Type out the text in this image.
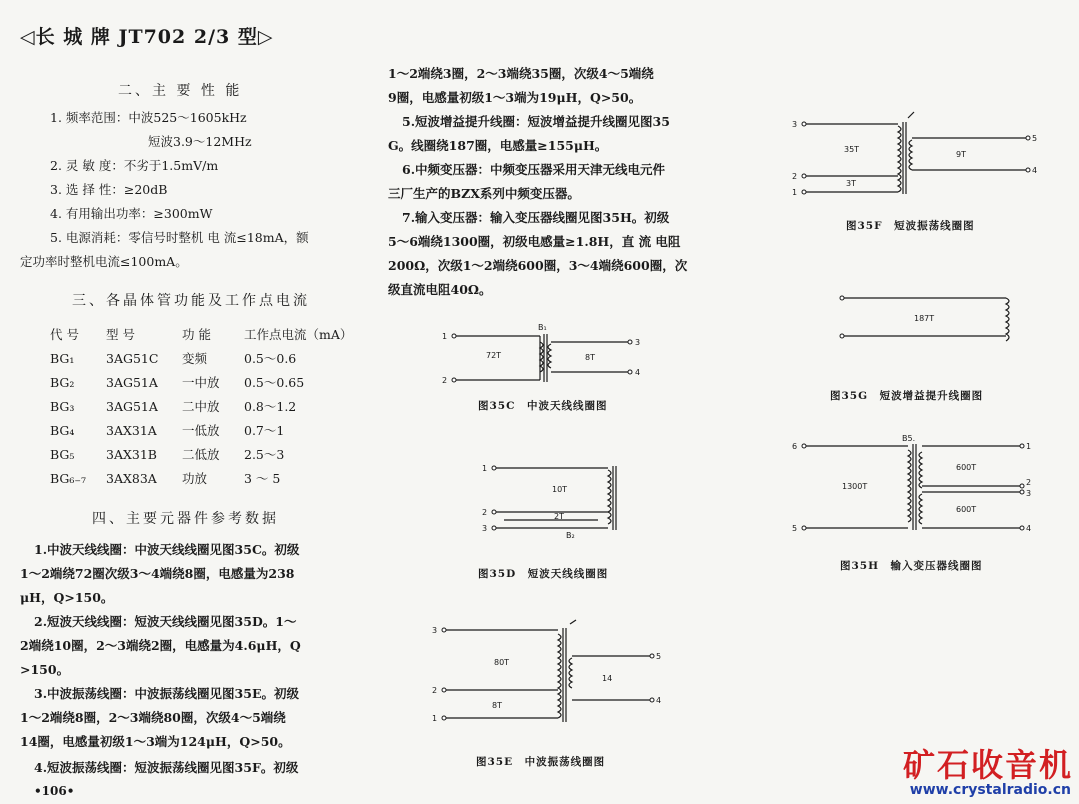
◁长 城 牌 JT702 2/3 型▷
二、主 要 性 能
1. 频率范围：中波525～1605kHz
短波3.9～12MHz
2. 灵 敏 度：不劣于1.5mV/m
3. 选 择 性：≥20dB
4. 有用输出功率：≥300mW
5. 电源消耗：零信号时整机 电 流≤18mA，额
定功率时整机电流≤100mA。
三、各晶体管功能及工作点电流
代 号	型 号	功 能	工作点电流（mA）
BG₁	3AG51C	变频	0.5～0.6
BG₂	3AG51A	一中放	0.5～0.65
BG₃	3AG51A	二中放	0.8～1.2
BG₄	3AX31A	一低放	0.7～1
BG₅	3AX31B	二低放	2.5～3
BG₆₋₇	3AX83A	功放	3 ～ 5
四、主要元器件参考数据
1.中波天线线圈：中波天线线圈见图35C。初级
1～2端绕72圈次级3～4端绕8圈，电感量为238
μH，Q>150。
2.短波天线线圈：短波天线线圈见图35D。1～
2端绕10圈，2～3端绕2圈，电感量为4.6μH，Q
>150。
3.中波振荡线圈：中波振荡线圈见图35E。初级
1～2端绕8圈，2～3端绕80圈，次级4～5端绕
14圈，电感量初级1～3端为124μH，Q>50。
4.短波振荡线圈：短波振荡线圈见图35F。初级
1～2端绕3圈，2～3端绕35圈，次级4～5端绕
9圈，电感量初级1～3端为19μH，Q>50。
5.短波增益提升线圈：短波增益提升线圈见图35
G。线圈绕187圈，电感量≥155μH。
6.中频变压器：中频变压器采用天津无线电元件
三厂生产的BZX系列中频变压器。
7.输入变压器：输入变压器线圈见图35H。初级
5～6端绕1300圈，初级电感量≥1.8H，直 流 电阻
200Ω，次级1～2端绕600圈，3～4端绕600圈，次
级直流电阻40Ω。
1
2
3
4
B₁
72T	8T
图35C　中波天线线圈图
1
2
3
10T
2T
B₂
图35D　短波天线线圈图
3
2
1
5
4
80T
8T
14
图35E　中波振荡线圈图
3
2
1
5
4
35T
3T
9T
图35F　短波振荡线圈图
187T
图35G　短波增益提升线圈图
6
5
1
2
3
4
B5.
1300T
600T
600T
图35H　输入变压器线圈图
•106•
矿石收音机
www.crystalradio.cn
